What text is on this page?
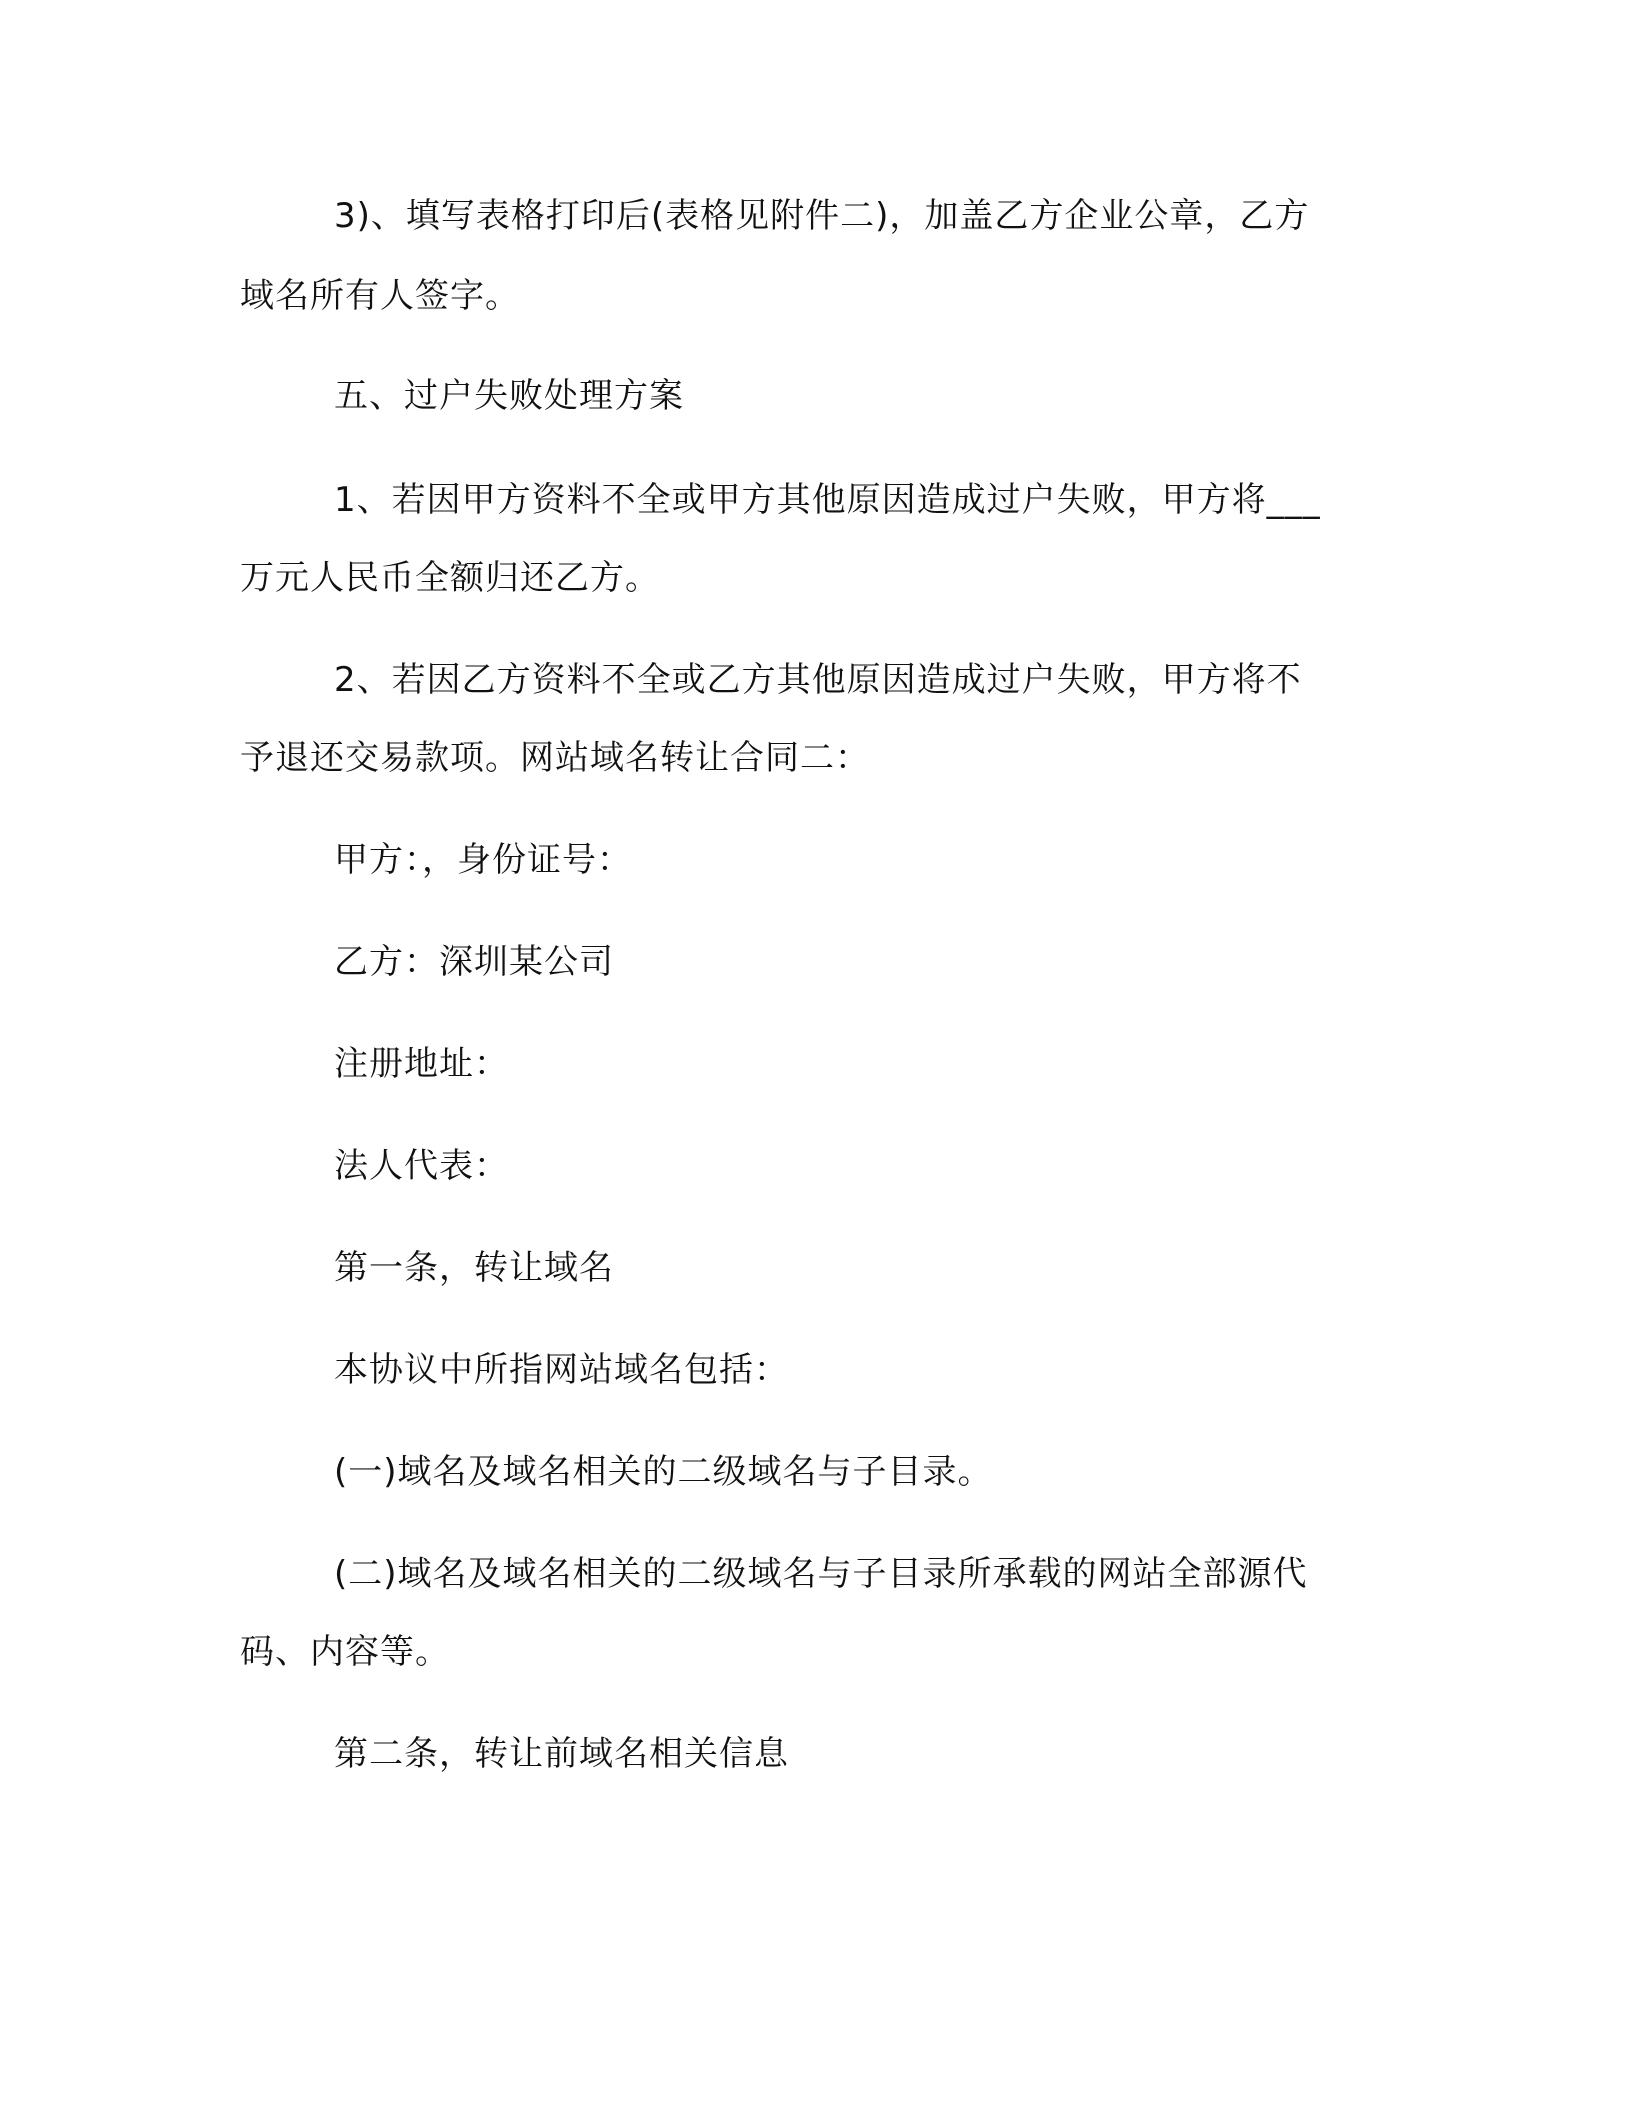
3)、填写表格打印后(表格见附件二)，加盖乙方企业公章，乙方
域名所有人签字。
五、过户失败处理方案
1、若因甲方资料不全或甲方其他原因造成过户失败，甲方将___
万元人民币全额归还乙方。
2、若因乙方资料不全或乙方其他原因造成过户失败，甲方将不
予退还交易款项。网站域名转让合同二：
甲方：，身份证号：
乙方：深圳某公司
注册地址：
法人代表：
第一条，转让域名
本协议中所指网站域名包括：
(一)域名及域名相关的二级域名与子目录。
(二)域名及域名相关的二级域名与子目录所承载的网站全部源代
码、内容等。
第二条，转让前域名相关信息
